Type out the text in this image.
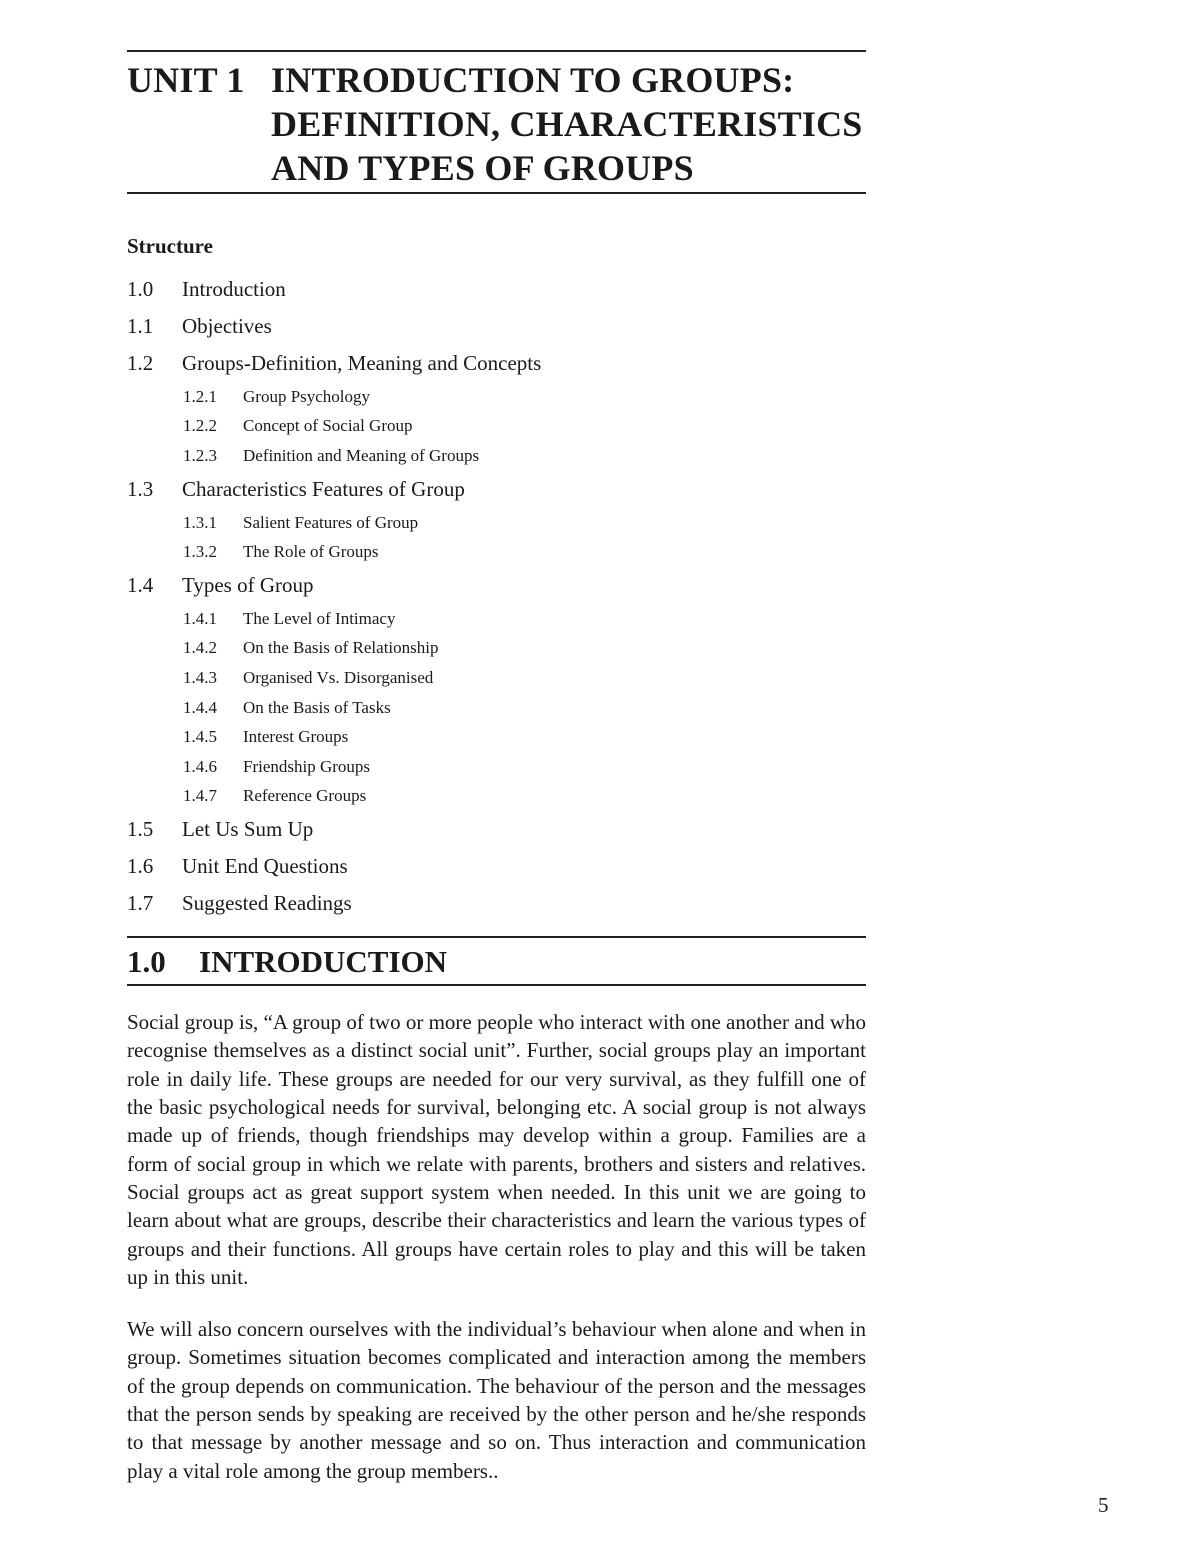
UNIT 1 INTRODUCTION TO GROUPS:
DEFINITION, CHARACTERISTICS
AND TYPES OF GROUPS
Structure
1.0	Introduction
1.1	Objectives
1.2	Groups-Definition, Meaning and Concepts
1.2.1	Group Psychology
1.2.2	Concept of Social Group
1.2.3	Definition and Meaning of Groups
1.3	Characteristics Features of Group
1.3.1	Salient Features of Group
1.3.2	The Role of Groups
1.4	Types of Group
1.4.1	The Level of Intimacy
1.4.2	On the Basis of Relationship
1.4.3	Organised Vs. Disorganised
1.4.4	On the Basis of Tasks
1.4.5	Interest Groups
1.4.6	Friendship Groups
1.4.7	Reference Groups
1.5	Let Us Sum Up
1.6	Unit End Questions
1.7	Suggested Readings
1.0	INTRODUCTION

Social group is, “A group of two or more people who interact with one another and who recognise themselves as a distinct social unit”. Further, social groups play an important role in daily life. These groups are needed for our very survival, as they fulfill one of the basic psychological needs for survival, belonging etc. A social group is not always made up of friends, though friendships may develop within a group. Families are a form of social group in which we relate with parents, brothers and sisters and relatives. Social groups act as great support system when needed. In this unit we are going to learn about what are groups, describe their characteristics and learn the various types of groups and their functions. All groups have certain roles to play and this will be taken up in this unit.

We will also concern ourselves with the individual’s behaviour when alone and when in group. Sometimes situation becomes complicated and interaction among the members of the group depends on communication. The behaviour of the person and the messages that the person sends by speaking are received by the other person and he/she responds to that message by another message and so on. Thus interaction and communication play a vital role among the group members..

5
